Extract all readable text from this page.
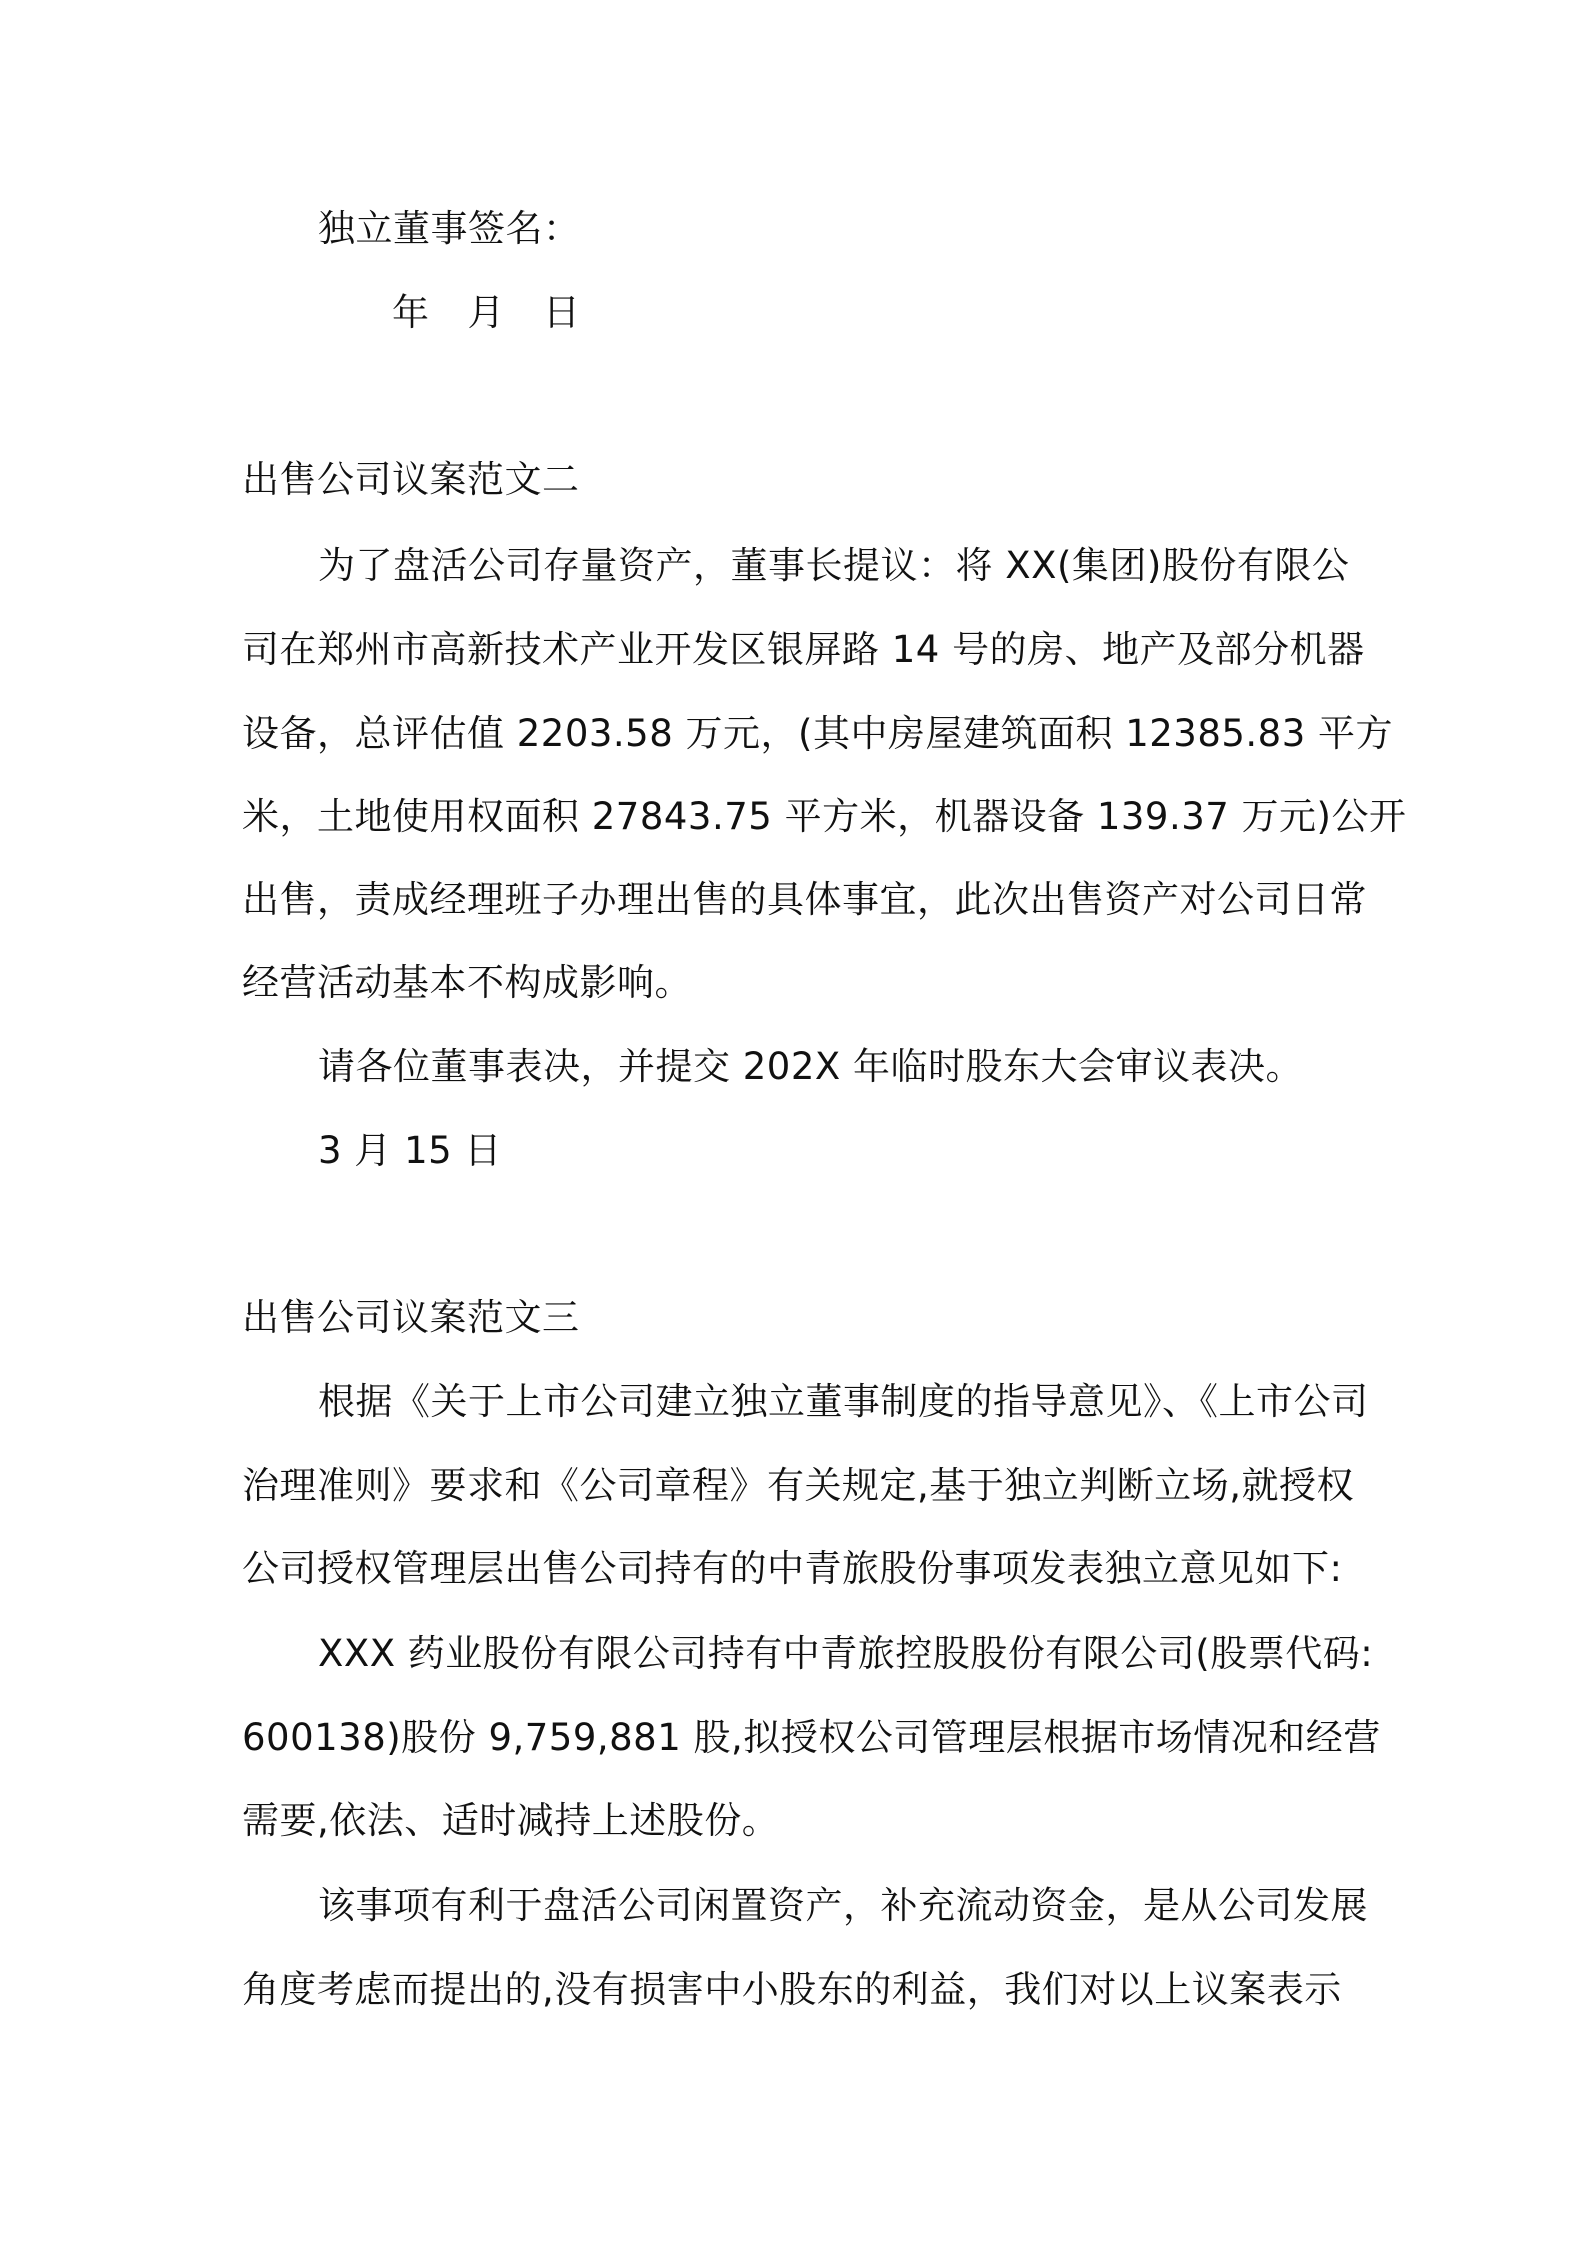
独立董事签名：
年 月 日
出售公司议案范文二
为了盘活公司存量资产，董事长提议：将 XX(集团)股份有限公
司在郑州市高新技术产业开发区银屏路 14 号的房、地产及部分机器
设备，总评估值 2203.58 万元，(其中房屋建筑面积 12385.83 平方
米，土地使用权面积 27843.75 平方米，机器设备 139.37 万元)公开
出售，责成经理班子办理出售的具体事宜，此次出售资产对公司日常
经营活动基本不构成影响。
请各位董事表决，并提交 202X 年临时股东大会审议表决。
3 月 15 日
出售公司议案范文三
根据《关于上市公司建立独立董事制度的指导意见》、《上市公司
治理准则》要求和《公司章程》有关规定,基于独立判断立场,就授权
公司授权管理层出售公司持有的中青旅股份事项发表独立意见如下:
XXX 药业股份有限公司持有中青旅控股股份有限公司(股票代码:
600138)股份 9,759,881 股,拟授权公司管理层根据市场情况和经营
需要,依法、适时减持上述股份。
该事项有利于盘活公司闲置资产，补充流动资金，是从公司发展
角度考虑而提出的,没有损害中小股东的利益，我们对以上议案表示
